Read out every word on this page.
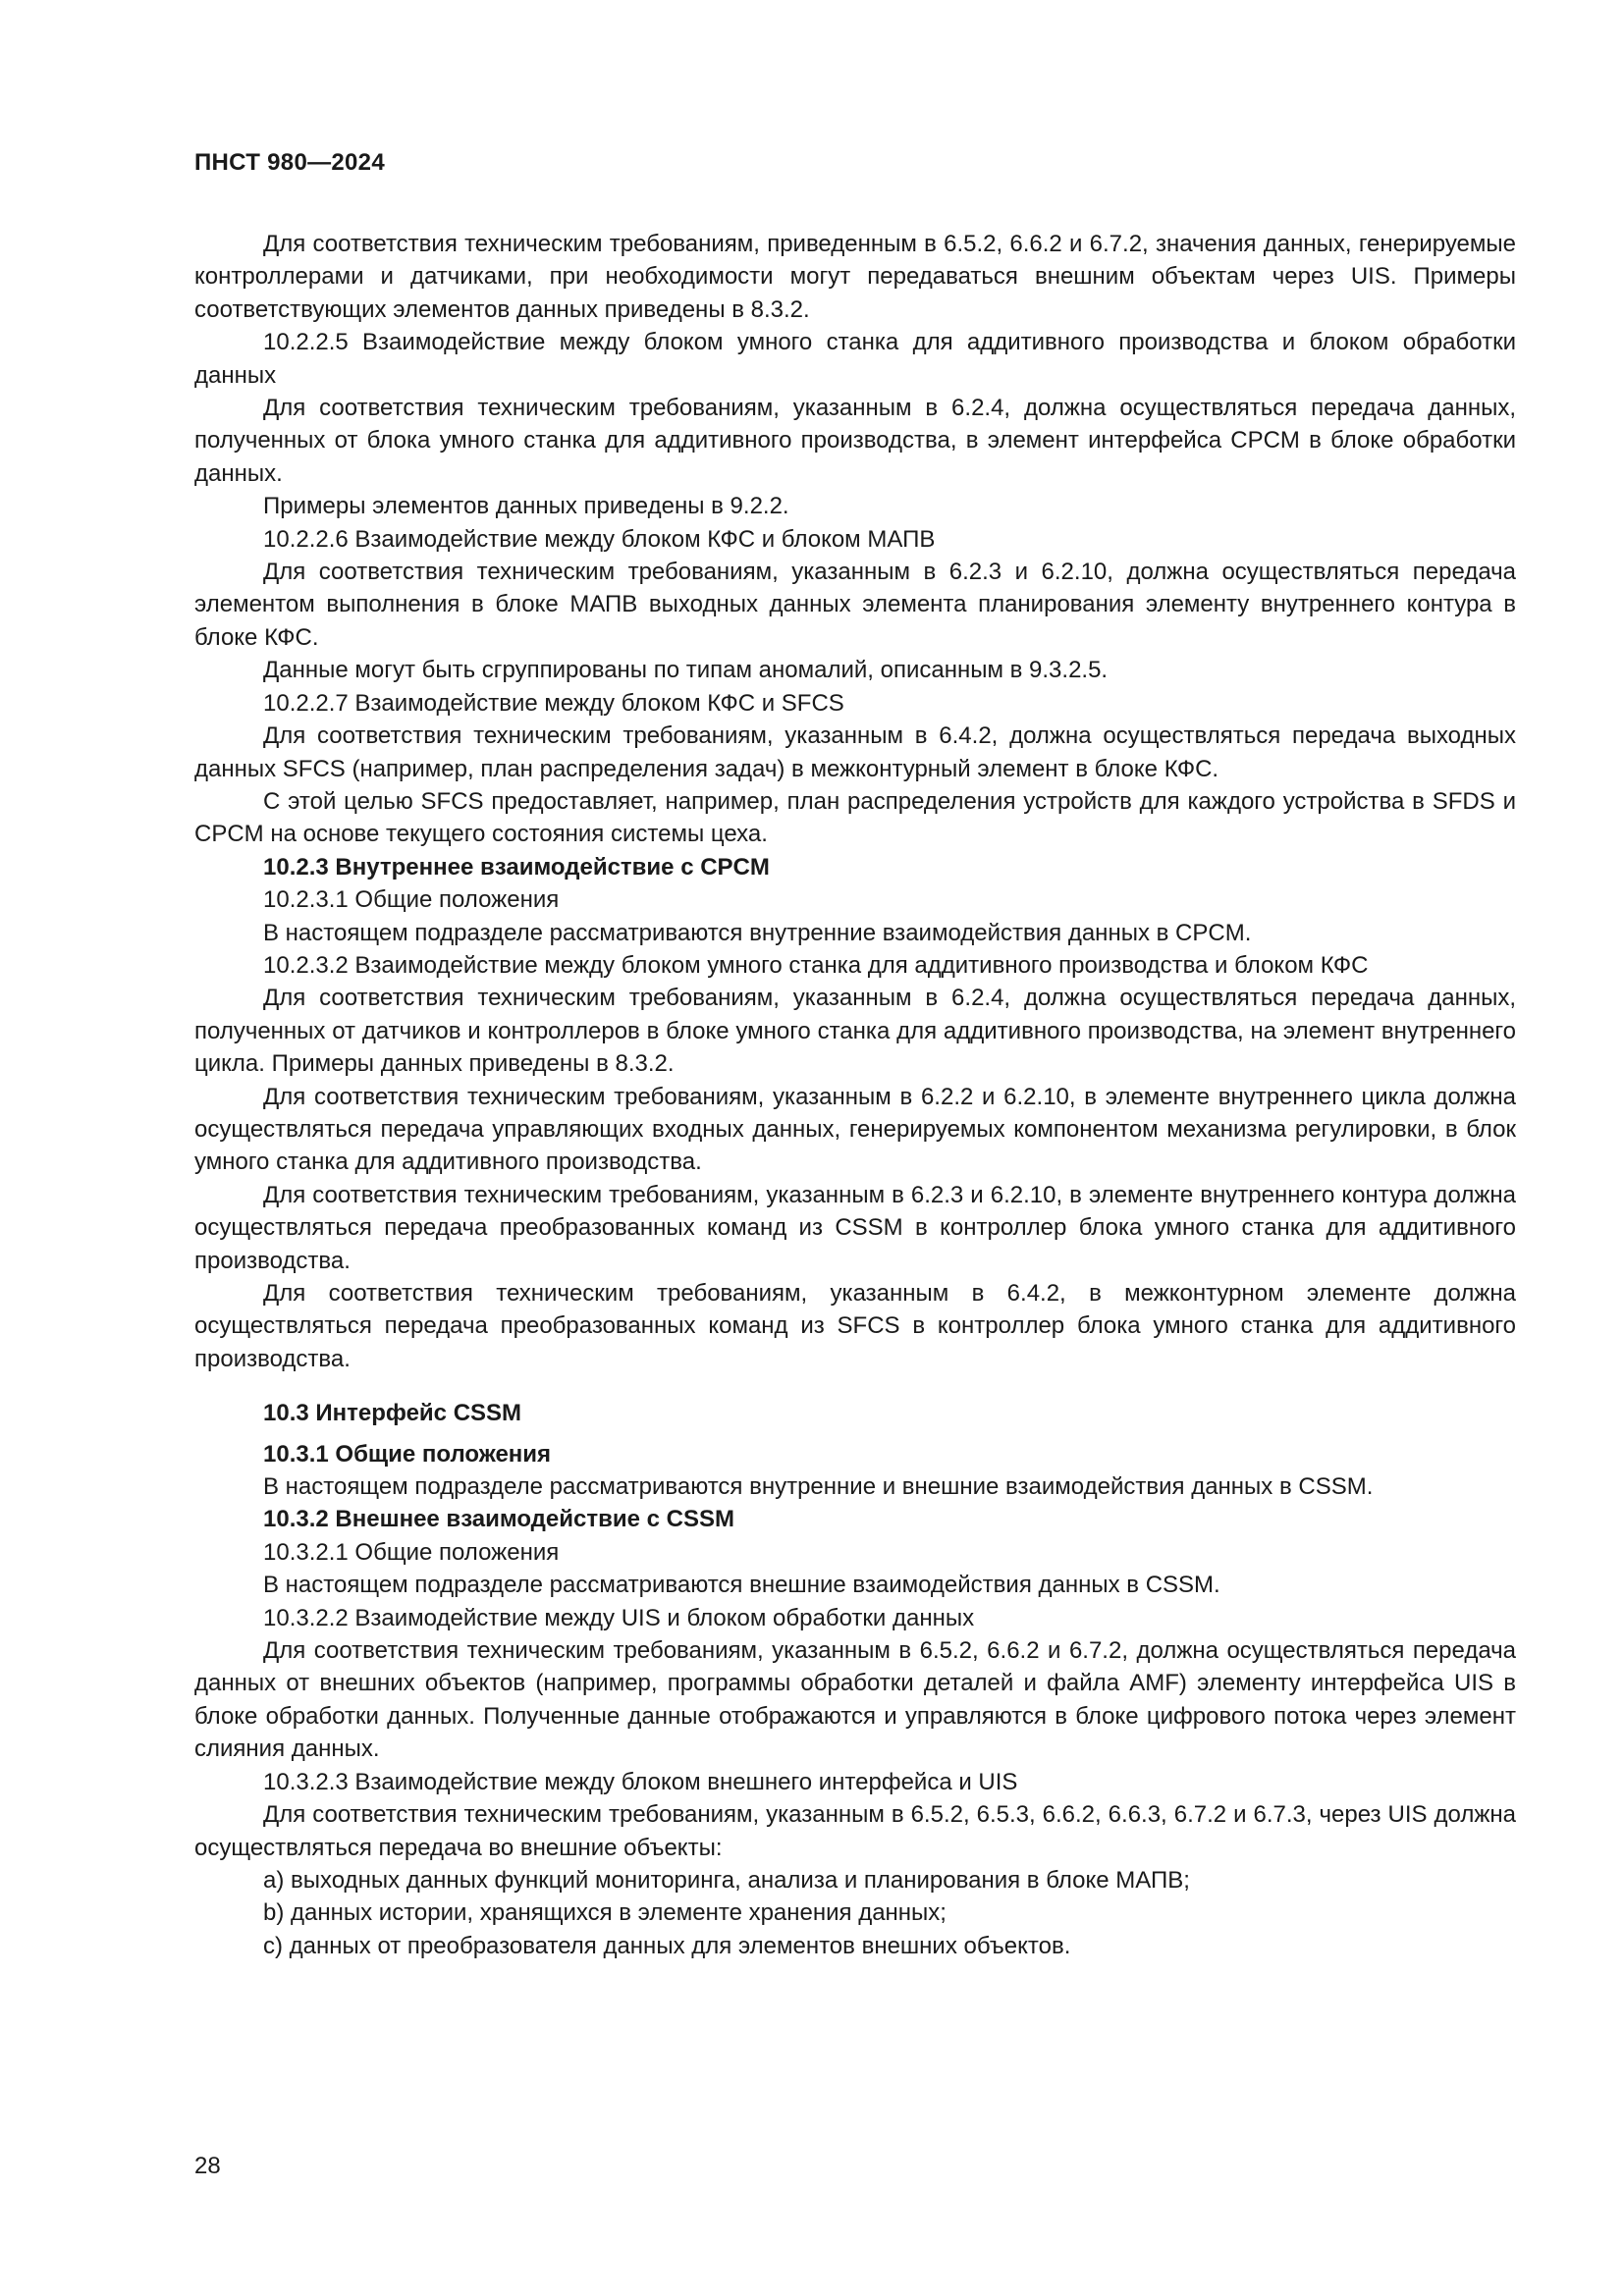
ПНСТ 980—2024

Для соответствия техническим требованиям, приведенным в 6.5.2, 6.6.2 и 6.7.2, значения данных, генерируемые контроллерами и датчиками, при необходимости могут передаваться внешним объектам через UIS. Примеры соответствующих элементов данных приведены в 8.3.2.

10.2.2.5 Взаимодействие между блоком умного станка для аддитивного производства и блоком обработки данных

Для соответствия техническим требованиям, указанным в 6.2.4, должна осуществляться передача данных, полученных от блока умного станка для аддитивного производства, в элемент интерфейса CPCM в блоке обработки данных.

Примеры элементов данных приведены в 9.2.2.

10.2.2.6 Взаимодействие между блоком КФС и блоком МАПВ

Для соответствия техническим требованиям, указанным в 6.2.3 и 6.2.10, должна осуществляться передача элементом выполнения в блоке МАПВ выходных данных элемента планирования элементу внутреннего контура в блоке КФС.

Данные могут быть сгруппированы по типам аномалий, описанным в 9.3.2.5.

10.2.2.7 Взаимодействие между блоком КФС и SFCS

Для соответствия техническим требованиям, указанным в 6.4.2, должна осуществляться передача выходных данных SFCS (например, план распределения задач) в межконтурный элемент в блоке КФС.

С этой целью SFCS предоставляет, например, план распределения устройств для каждого устройства в SFDS и CPCM на основе текущего состояния системы цеха.

10.2.3 Внутреннее взаимодействие с CPCM

10.2.3.1 Общие положения

В настоящем подразделе рассматриваются внутренние взаимодействия данных в CPCM.

10.2.3.2 Взаимодействие между блоком умного станка для аддитивного производства и блоком КФС

Для соответствия техническим требованиям, указанным в 6.2.4, должна осуществляться передача данных, полученных от датчиков и контроллеров в блоке умного станка для аддитивного производства, на элемент внутреннего цикла. Примеры данных приведены в 8.3.2.

Для соответствия техническим требованиям, указанным в 6.2.2 и 6.2.10, в элементе внутреннего цикла должна осуществляться передача управляющих входных данных, генерируемых компонентом механизма регулировки, в блок умного станка для аддитивного производства.

Для соответствия техническим требованиям, указанным в 6.2.3 и 6.2.10, в элементе внутреннего контура должна осуществляться передача преобразованных команд из CSSM в контроллер блока умного станка для аддитивного производства.

Для соответствия техническим требованиям, указанным в 6.4.2, в межконтурном элементе должна осуществляться передача преобразованных команд из SFCS в контроллер блока умного станка для аддитивного производства.

10.3 Интерфейс CSSM

10.3.1 Общие положения

В настоящем подразделе рассматриваются внутренние и внешние взаимодействия данных в CSSM.

10.3.2 Внешнее взаимодействие с CSSM

10.3.2.1 Общие положения

В настоящем подразделе рассматриваются внешние взаимодействия данных в CSSM.

10.3.2.2 Взаимодействие между UIS и блоком обработки данных

Для соответствия техническим требованиям, указанным в 6.5.2, 6.6.2 и 6.7.2, должна осуществляться передача данных от внешних объектов (например, программы обработки деталей и файла AMF) элементу интерфейса UIS в блоке обработки данных. Полученные данные отображаются и управляются в блоке цифрового потока через элемент слияния данных.

10.3.2.3 Взаимодействие между блоком внешнего интерфейса и UIS

Для соответствия техническим требованиям, указанным в 6.5.2, 6.5.3, 6.6.2, 6.6.3, 6.7.2 и 6.7.3, через UIS должна осуществляться передача во внешние объекты:

a) выходных данных функций мониторинга, анализа и планирования в блоке МАПВ;

b) данных истории, хранящихся в элементе хранения данных;

c) данных от преобразователя данных для элементов внешних объектов.

28
